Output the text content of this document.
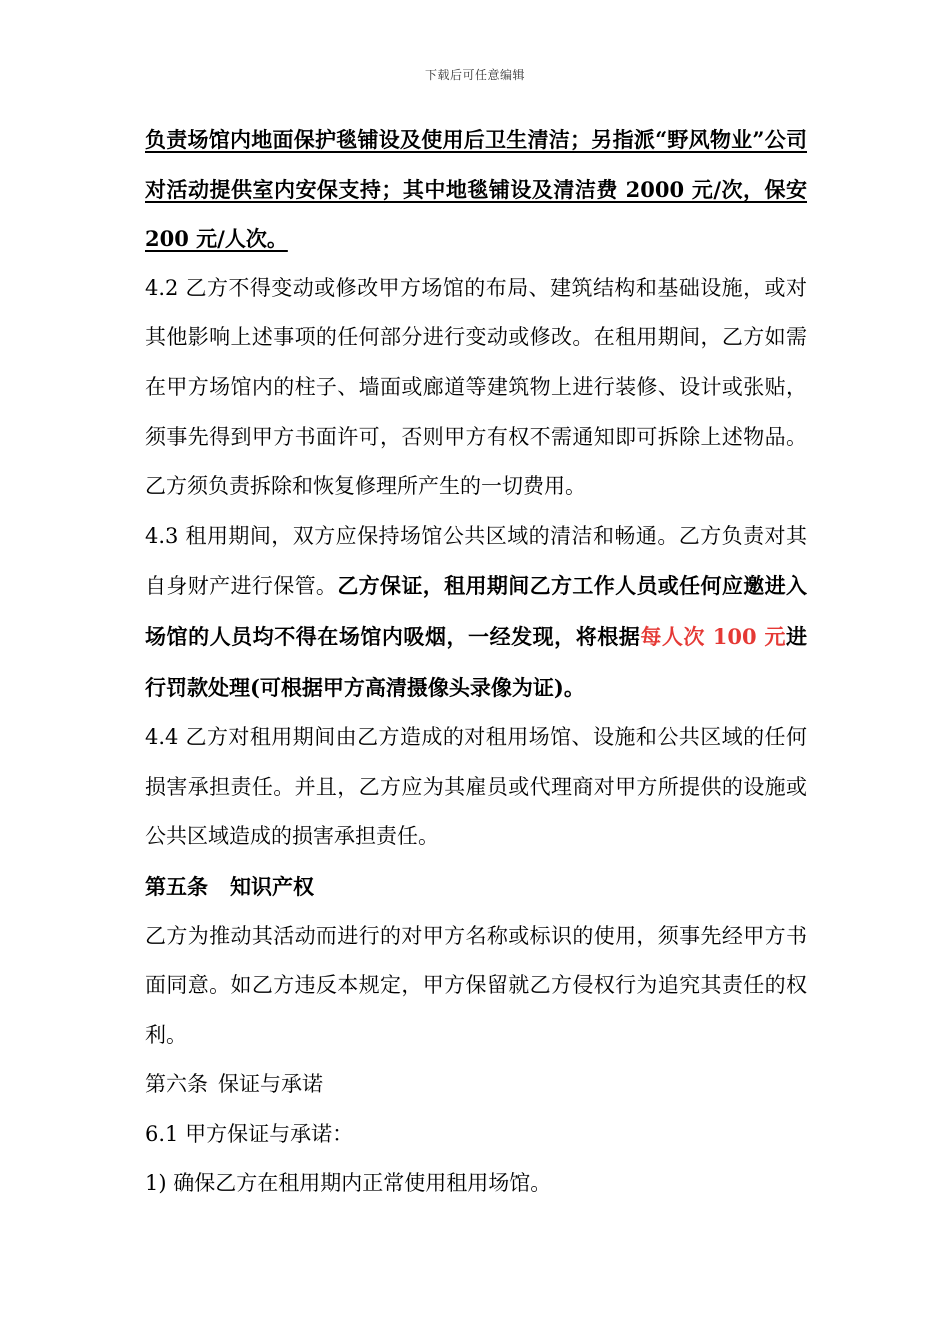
下载后可任意编辑

负责场馆内地面保护毯铺设及使用后卫生清洁；另指派“野风物业”公司对活动提供室内安保支持；其中地毯铺设及清洁费 2000 元/次，保安 200 元/人次。

4.2 乙方不得变动或修改甲方场馆的布局、建筑结构和基础设施，或对其他影响上述事项的任何部分进行变动或修改。在租用期间，乙方如需在甲方场馆内的柱子、墙面或廊道等建筑物上进行装修、设计或张贴，须事先得到甲方书面许可，否则甲方有权不需通知即可拆除上述物品。乙方须负责拆除和恢复修理所产生的一切费用。

4.3 租用期间，双方应保持场馆公共区域的清洁和畅通。乙方负责对其自身财产进行保管。乙方保证，租用期间乙方工作人员或任何应邀进入场馆的人员均不得在场馆内吸烟，一经发现，将根据每人次 100 元进行罚款处理(可根据甲方高清摄像头录像为证)。

4.4 乙方对租用期间由乙方造成的对租用场馆、设施和公共区域的任何损害承担责任。并且，乙方应为其雇员或代理商对甲方所提供的设施或公共区域造成的损害承担责任。

第五条 知识产权

乙方为推动其活动而进行的对甲方名称或标识的使用，须事先经甲方书面同意。如乙方违反本规定，甲方保留就乙方侵权行为追究其责任的权利。

第六条 保证与承诺

6.1 甲方保证与承诺：

1) 确保乙方在租用期内正常使用租用场馆。
